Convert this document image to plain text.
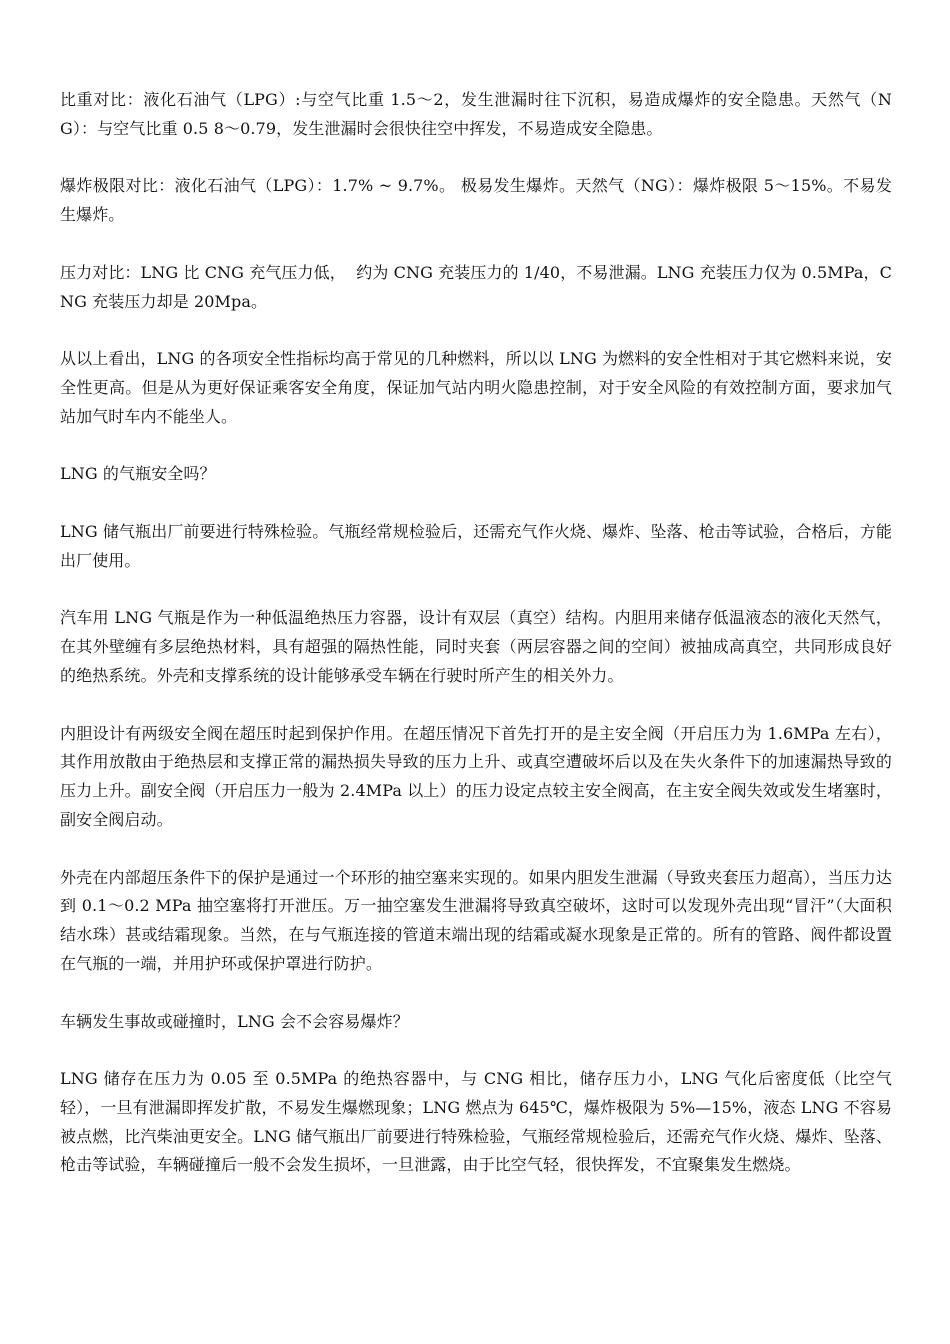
比重对比：液化石油气（LPG）:与空气比重 1.5～2，发生泄漏时往下沉积，易造成爆炸的安全隐患。天然气（NG）：与空气比重 0.5 8～0.79，发生泄漏时会很快往空中挥发，不易造成安全隐患。

爆炸极限对比：液化石油气（LPG）：1.7% ~ 9.7%。 极易发生爆炸。天然气（NG）：爆炸极限 5～15%。不易发生爆炸。

压力对比：LNG 比 CNG 充气压力低，  约为 CNG 充装压力的 1/40，不易泄漏。LNG 充装压力仅为 0.5MPa，CNG 充装压力却是 20Mpa。

从以上看出，LNG 的各项安全性指标均高于常见的几种燃料，所以以 LNG 为燃料的安全性相对于其它燃料来说，安全性更高。但是从为更好保证乘客安全角度，保证加气站内明火隐患控制，对于安全风险的有效控制方面，要求加气站加气时车内不能坐人。

LNG 的气瓶安全吗？

LNG 储气瓶出厂前要进行特殊检验。气瓶经常规检验后，还需充气作火烧、爆炸、坠落、枪击等试验，合格后，方能出厂使用。

汽车用 LNG 气瓶是作为一种低温绝热压力容器，设计有双层（真空）结构。内胆用来储存低温液态的液化天然气，在其外壁缠有多层绝热材料，具有超强的隔热性能，同时夹套（两层容器之间的空间）被抽成高真空，共同形成良好的绝热系统。外壳和支撑系统的设计能够承受车辆在行驶时所产生的相关外力。

内胆设计有两级安全阀在超压时起到保护作用。在超压情况下首先打开的是主安全阀（开启压力为 1.6MPa 左右），其作用放散由于绝热层和支撑正常的漏热损失导致的压力上升、或真空遭破坏后以及在失火条件下的加速漏热导致的压力上升。副安全阀（开启压力一般为 2.4MPa 以上）的压力设定点较主安全阀高，在主安全阀失效或发生堵塞时，副安全阀启动。

外壳在内部超压条件下的保护是通过一个环形的抽空塞来实现的。如果内胆发生泄漏（导致夹套压力超高），当压力达到 0.1～0.2 MPa 抽空塞将打开泄压。万一抽空塞发生泄漏将导致真空破坏，这时可以发现外壳出现“冒汗”（大面积结水珠）甚或结霜现象。当然，在与气瓶连接的管道末端出现的结霜或凝水现象是正常的。所有的管路、阀件都设置在气瓶的一端，并用护环或保护罩进行防护。

车辆发生事故或碰撞时，LNG 会不会容易爆炸？

LNG 储存在压力为 0.05 至 0.5MPa 的绝热容器中，与 CNG 相比，储存压力小，LNG 气化后密度低（比空气轻），一旦有泄漏即挥发扩散，不易发生爆燃现象；LNG 燃点为 645℃，爆炸极限为 5%—15%，液态 LNG 不容易被点燃，比汽柴油更安全。LNG 储气瓶出厂前要进行特殊检验，气瓶经常规检验后，还需充气作火烧、爆炸、坠落、枪击等试验，车辆碰撞后一般不会发生损坏，一旦泄露，由于比空气轻，很快挥发，不宜聚集发生燃烧。
